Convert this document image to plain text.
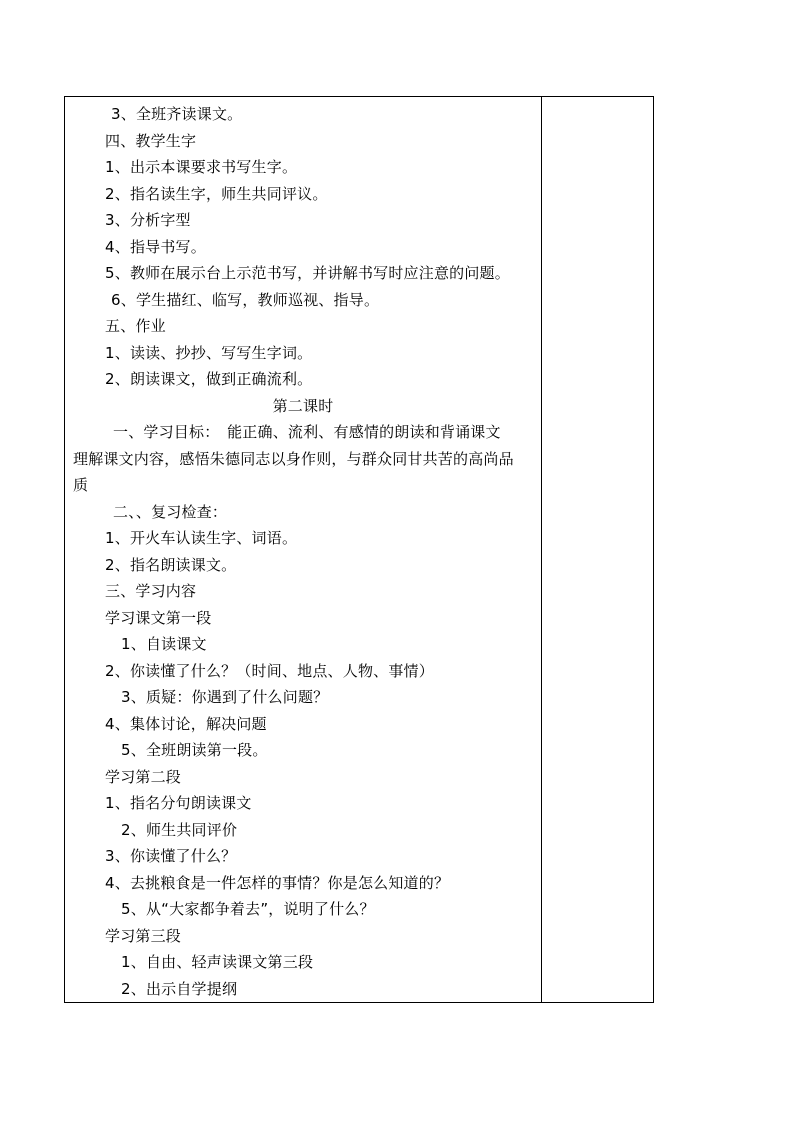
3、全班齐读课文。
四、教学生字
1、出示本课要求书写生字。
2、指名读生字，师生共同评议。
3、分析字型
4、指导书写。
5、教师在展示台上示范书写，并讲解书写时应注意的问题。
6、学生描红、临写，教师巡视、指导。
五、作业
1、读读、抄抄、写写生字词。
2、朗读课文，做到正确流利。
第二课时
一、学习目标：　能正确、流利、有感情的朗读和背诵课文
理解课文内容，感悟朱德同志以身作则，与群众同甘共苦的高尚品
质
二、、复习检查：
1、开火车认读生字、词语。
2、指名朗读课文。
三、学习内容
学习课文第一段
1、自读课文
2、你读懂了什么？（时间、地点、人物、事情）
3、质疑：你遇到了什么问题？
4、集体讨论，解决问题
5、全班朗读第一段。
学习第二段
1、指名分句朗读课文
2、师生共同评价
3、你读懂了什么？
4、去挑粮食是一件怎样的事情？你是怎么知道的？
5、从“大家都争着去”，说明了什么？
学习第三段
1、自由、轻声读课文第三段
2、出示自学提纲
